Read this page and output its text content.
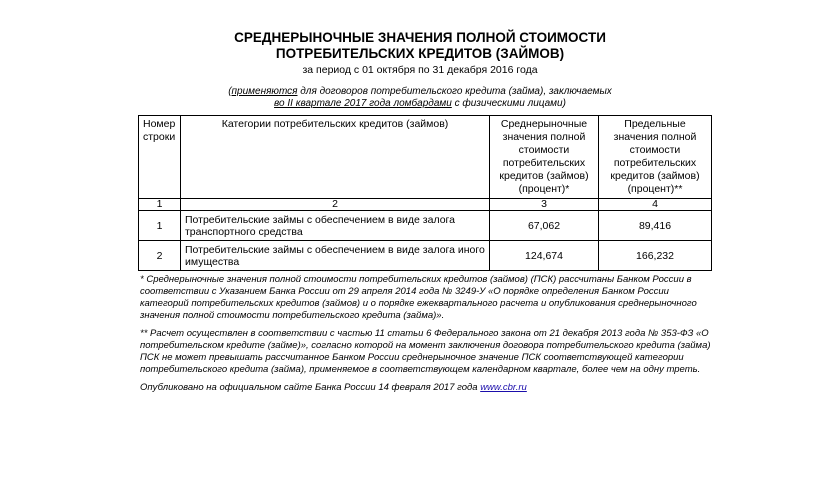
СРЕДНЕРЫНОЧНЫЕ ЗНАЧЕНИЯ ПОЛНОЙ СТОИМОСТИ
ПОТРЕБИТЕЛЬСКИХ КРЕДИТОВ (ЗАЙМОВ)
за период с 01 октября по 31 декабря 2016 года
(применяются для договоров потребительского кредита (займа), заключаемых
во II квартале 2017 года ломбардами с физическими лицами)
Номер строки	Категории потребительских кредитов (займов)	Среднерыночные значения полной стоимости потребительских кредитов (займов) (процент)*	Предельные значения полной стоимости потребительских кредитов (займов) (процент)**
1	2	3	4
1	Потребительские займы с обеспечением в виде залога транспортного средства	67,062	89,416
2	Потребительские займы с обеспечением в виде залога иного имущества	124,674	166,232

* Среднерыночные значения полной стоимости потребительских кредитов (займов) (ПСК) рассчитаны Банком России в соответствии с Указанием Банка России от 29 апреля 2014 года № 3249-У «О порядке определения Банком России категорий потребительских кредитов (займов) и о порядке ежеквартального расчета и опубликования среднерыночного значения полной стоимости потребительского кредита (займа)».

** Расчет осуществлен в соответствии с частью 11 статьи 6 Федерального закона от 21 декабря 2013 года № 353-ФЗ «О потребительском кредите (займе)», согласно которой на момент заключения договора потребительского кредита (займа) ПСК не может превышать рассчитанное Банком России среднерыночное значение ПСК соответствующей категории потребительского кредита (займа), применяемое в соответствующем календарном квартале, более чем на одну треть.

Опубликовано на официальном сайте Банка России 14 февраля 2017 года www.cbr.ru
